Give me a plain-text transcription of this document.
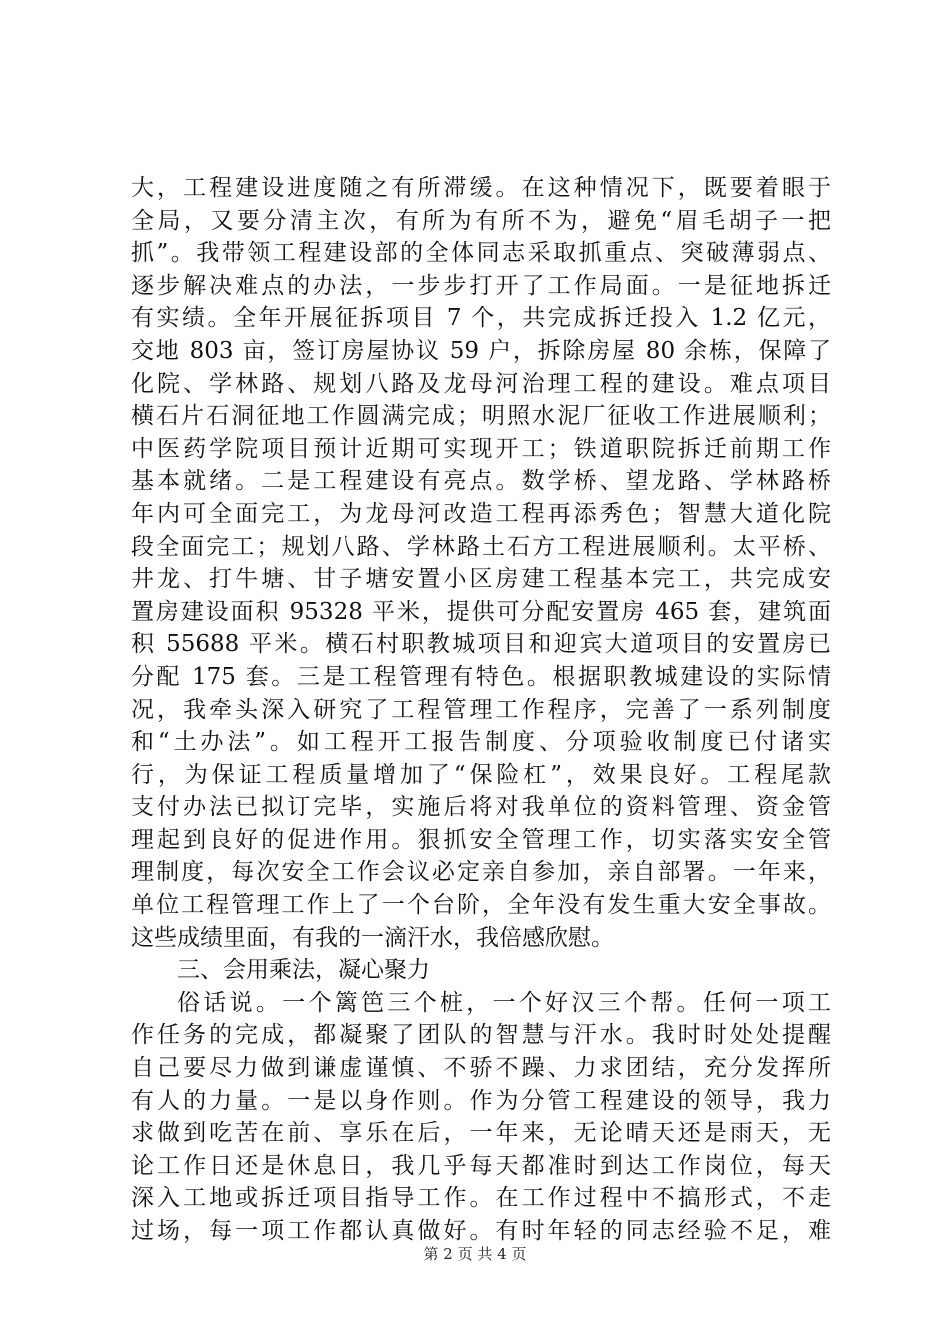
大，工程建设进度随之有所滞缓。在这种情况下，既要着眼于
全局，又要分清主次，有所为有所不为，避免“眉毛胡子一把
抓”。我带领工程建设部的全体同志采取抓重点、突破薄弱点、
逐步解决难点的办法，一步步打开了工作局面。一是征地拆迁
有实绩。全年开展征拆项目 7 个，共完成拆迁投入 1.2 亿元，
交地 803 亩，签订房屋协议 59 户，拆除房屋 80 余栋，保障了
化院、学林路、规划八路及龙母河治理工程的建设。难点项目
横石片石洞征地工作圆满完成；明照水泥厂征收工作进展顺利；
中医药学院项目预计近期可实现开工；铁道职院拆迁前期工作
基本就绪。二是工程建设有亮点。数学桥、望龙路、学林路桥
年内可全面完工，为龙母河改造工程再添秀色；智慧大道化院
段全面完工；规划八路、学林路土石方工程进展顺利。太平桥、
井龙、打牛塘、甘子塘安置小区房建工程基本完工，共完成安
置房建设面积 95328 平米，提供可分配安置房 465 套，建筑面
积 55688 平米。横石村职教城项目和迎宾大道项目的安置房已
分配 175 套。三是工程管理有特色。根据职教城建设的实际情
况，我牵头深入研究了工程管理工作程序，完善了一系列制度
和“土办法”。如工程开工报告制度、分项验收制度已付诸实
行，为保证工程质量增加了“保险杠”，效果良好。工程尾款
支付办法已拟订完毕，实施后将对我单位的资料管理、资金管
理起到良好的促进作用。狠抓安全管理工作，切实落实安全管
理制度，每次安全工作会议必定亲自参加，亲自部署。一年来，
单位工程管理工作上了一个台阶，全年没有发生重大安全事故。
这些成绩里面，有我的一滴汗水，我倍感欣慰。
三、会用乘法，凝心聚力
俗话说。一个篱笆三个桩，一个好汉三个帮。任何一项工
作任务的完成，都凝聚了团队的智慧与汗水。我时时处处提醒
自己要尽力做到谦虚谨慎、不骄不躁、力求团结，充分发挥所
有人的力量。一是以身作则。作为分管工程建设的领导，我力
求做到吃苦在前、享乐在后，一年来，无论晴天还是雨天，无
论工作日还是休息日，我几乎每天都准时到达工作岗位，每天
深入工地或拆迁项目指导工作。在工作过程中不搞形式，不走
过场，每一项工作都认真做好。有时年轻的同志经验不足，难
第 2 页 共 4 页
